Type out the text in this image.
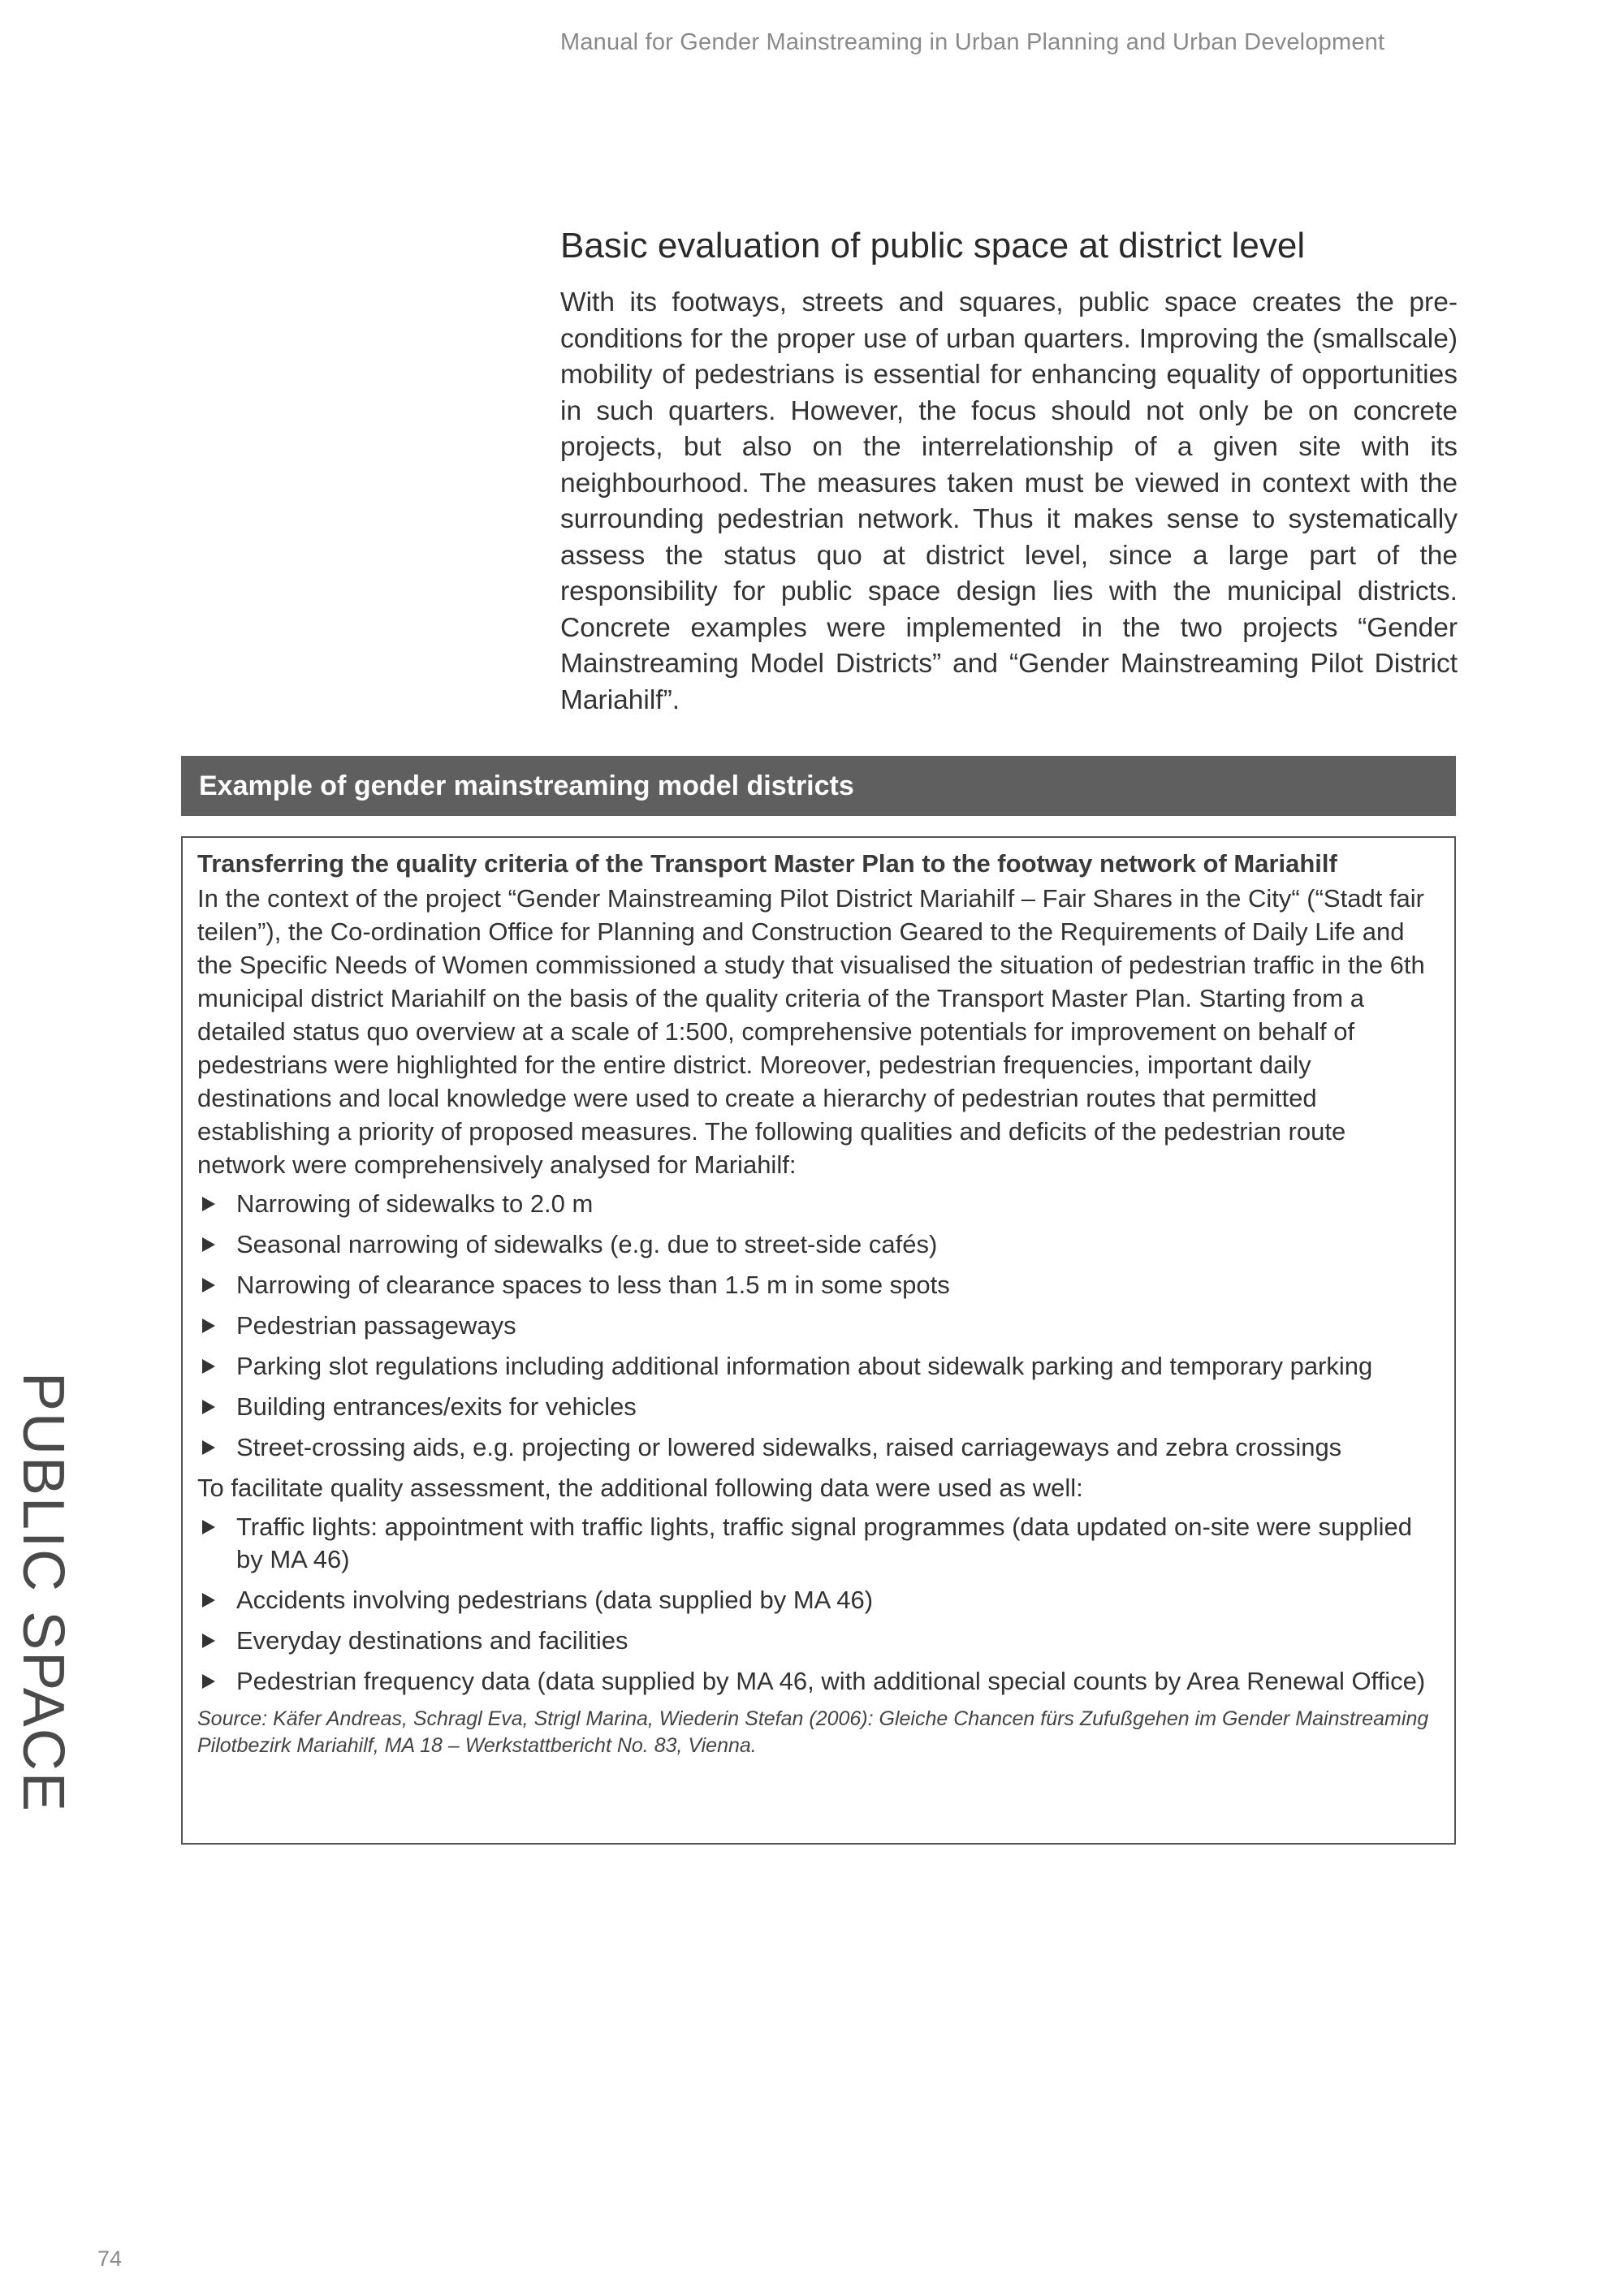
Manual for Gender Mainstreaming in Urban Planning and Urban Development
Basic evaluation of public space at district level

With its footways, streets and squares, public space creates the preconditions for the proper use of urban quarters. Improving the (smallscale) mobility of pedestrians is essential for enhancing equality of opportunities in such quarters. However, the focus should not only be on concrete projects, but also on the interrelationship of a given site with its neighbourhood. The measures taken must be viewed in context with the surrounding pedestrian network. Thus it makes sense to systematically assess the status quo at district level, since a large part of the responsibility for public space design lies with the municipal districts. Concrete examples were implemented in the two projects “Gender Mainstreaming Model Districts” and “Gender Mainstreaming Pilot District Mariahilf”.

Example of gender mainstreaming model districts
Transferring the quality criteria of the Transport Master Plan to the footway network of Mariahilf

In the context of the project “Gender Mainstreaming Pilot District Mariahilf – Fair Shares in the City“ (“Stadt fair teilen”), the Co-ordination Office for Planning and Construction Geared to the Requirements of Daily Life and the Specific Needs of Women commissioned a study that visualised the situation of pedestrian traffic in the 6th municipal district Mariahilf on the basis of the quality criteria of the Transport Master Plan. Starting from a detailed status quo overview at a scale of 1:500, comprehensive potentials for improvement on behalf of pedestrians were highlighted for the entire district. Moreover, pedestrian frequencies, important daily destinations and local knowledge were used to create a hierarchy of pedestrian routes that permitted establishing a priority of proposed measures. The following qualities and deficits of the pedestrian route network were comprehensively analysed for Mariahilf:

Narrowing of sidewalks to 2.0 m
Seasonal narrowing of sidewalks (e.g. due to street-side cafés)
Narrowing of clearance spaces to less than 1.5 m in some spots
Pedestrian passageways
Parking slot regulations including additional information about sidewalk parking and temporary parking
Building entrances/exits for vehicles
Street-crossing aids, e.g. projecting or lowered sidewalks, raised carriageways and zebra crossings

To facilitate quality assessment, the additional following data were used as well:

Traffic lights: appointment with traffic lights, traffic signal programmes (data updated on-site were supplied by MA 46)
Accidents involving pedestrians (data supplied by MA 46)
Everyday destinations and facilities
Pedestrian frequency data (data supplied by MA 46, with additional special counts by Area Renewal Office)

Source: Käfer Andreas, Schragl Eva, Strigl Marina, Wiederin Stefan (2006): Gleiche Chancen fürs Zufußgehen im Gender Mainstreaming Pilotbezirk Mariahilf, MA 18 – Werkstattbericht No. 83, Vienna.

PUBLIC SPACE
74
